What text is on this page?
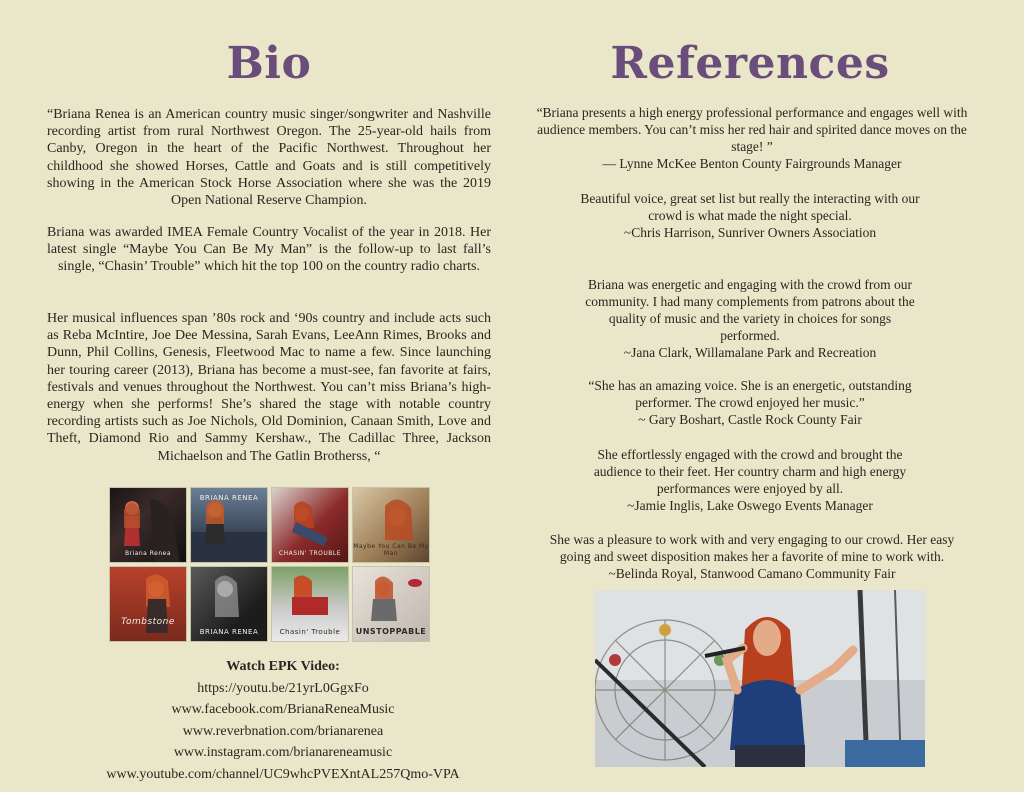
Bio

“Briana Renea is an American country music singer/songwriter and Nashville recording artist from rural Northwest Oregon. The 25-year-old hails from Canby, Oregon in the heart of the Pacific Northwest. Throughout her childhood she showed Horses, Cattle and Goats and is still competitively showing in the American Stock Horse Association where she was the 2019 Open National Reserve Champion.

Briana was awarded IMEA Female Country Vocalist of the year in 2018. Her latest single “Maybe You Can Be My Man” is the follow-up to last fall’s single, “Chasin’ Trouble” which hit the top 100 on the country radio charts.

Her musical influences span ’80s rock and ‘90s country and include acts such as Reba McIntire, Joe Dee Messina, Sarah Evans, LeeAnn Rimes, Brooks and Dunn, Phil Collins, Genesis, Fleetwood Mac to name a few. Since launching her touring career (2013), Briana has become a must-see, fan favorite at fairs, festivals and venues throughout the Northwest. You can’t miss Briana’s high-energy when she performs! She’s shared the stage with notable country recording artists such as Joe Nichols, Old Dominion, Canaan Smith, Love and Theft, Diamond Rio and Sammy Kershaw., The Cadillac Three, Jackson Michaelson and The Gatlin Brotherss, “

Briana Renea
BRIANA RENEA
CHASIN' TROUBLE
Maybe You Can Be My Man
Tombstone
BRIANA RENEA	Chasin' Trouble	UNSTOPPABLE
Watch EPK Video:
https://youtu.be/21yrL0GgxFo
www.facebook.com/BrianaReneaMusic
www.reverbnation.com/brianarenea
www.instagram.com/brianareneamusic
www.youtube.com/channel/UC9whcPVEXntAL257Qmo-VPA
References

“Briana presents a high energy professional performance and engages well with audience members. You can’t miss her red hair and spirited dance moves on the stage! ”
— Lynne McKee Benton County Fairgrounds Manager

Beautiful voice, great set list but really the interacting with our crowd is what made the night special.
~Chris Harrison, Sunriver Owners Association

Briana was energetic and engaging with the crowd from our community. I had many complements from patrons about the quality of music and the variety in choices for songs performed.
~Jana Clark, Willamalane Park and Recreation

“She has an amazing voice. She is an energetic, outstanding performer. The crowd enjoyed her music.”
~ Gary Boshart, Castle Rock County Fair

She effortlessly engaged with the crowd and brought the audience to their feet. Her country charm and high energy performances were enjoyed by all.
~Jamie Inglis, Lake Oswego Events Manager

She was a pleasure to work with and very engaging to our crowd. Her easy going and sweet disposition makes her a favorite of mine to work with.
~Belinda Royal, Stanwood Camano Community Fair
